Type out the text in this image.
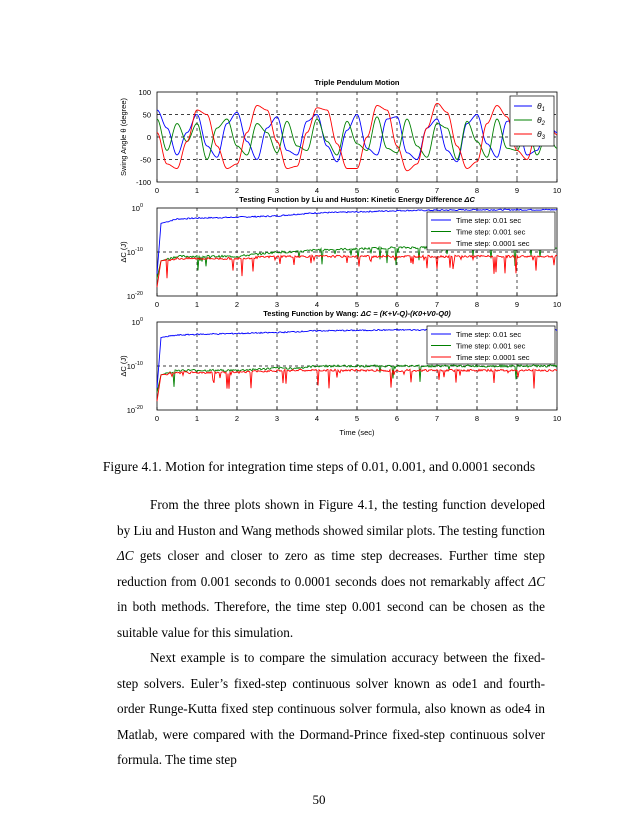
0	1	2	3	4	5	6	7	8	9	10
100
50
0
-50
-100
$\theta_1$
$\theta_2$
$\theta_3$
Triple Pendulum Motion
Swing Angle θ (degree)
0	1	2	3	4	5	6	7	8	9	10
$10^0$
$10^{-10}$
$10^{-20}$
Time step: 0.01 sec
Time step: 0.001 sec
Time step: 0.0001 sec
Testing Function by Liu and Huston: Kinetic Energy Difference ΔC
ΔC (J)
0	1	2	3	4	5	6	7	8	9	10
$10^0$
$10^{-10}$
$10^{-20}$
Time step: 0.01 sec
Time step: 0.001 sec
Time step: 0.0001 sec
Testing Function by Wang: ΔC = (K+V-Q)-(K0+V0-Q0)
ΔC (J)
Time (sec)
Figure 4.1. Motion for integration time steps of 0.01, 0.001, and 0.0001 seconds
From the three plots shown in Figure 4.1, the testing function developed by Liu and Huston and Wang methods showed similar plots. The testing function ΔC gets closer and closer to zero as time step decreases. Further time step reduction from 0.001 seconds to 0.0001 seconds does not remarkably affect ΔC in both methods. Therefore, the time step 0.001 second can be chosen as the suitable value for this simulation.
Next example is to compare the simulation accuracy between the fixed-step solvers. Euler’s fixed-step continuous solver known as ode1 and fourth-order Runge-Kutta fixed step continuous solver formula, also known as ode4 in Matlab, were compared with the Dormand-Prince fixed-step continuous solver formula. The time step
50
